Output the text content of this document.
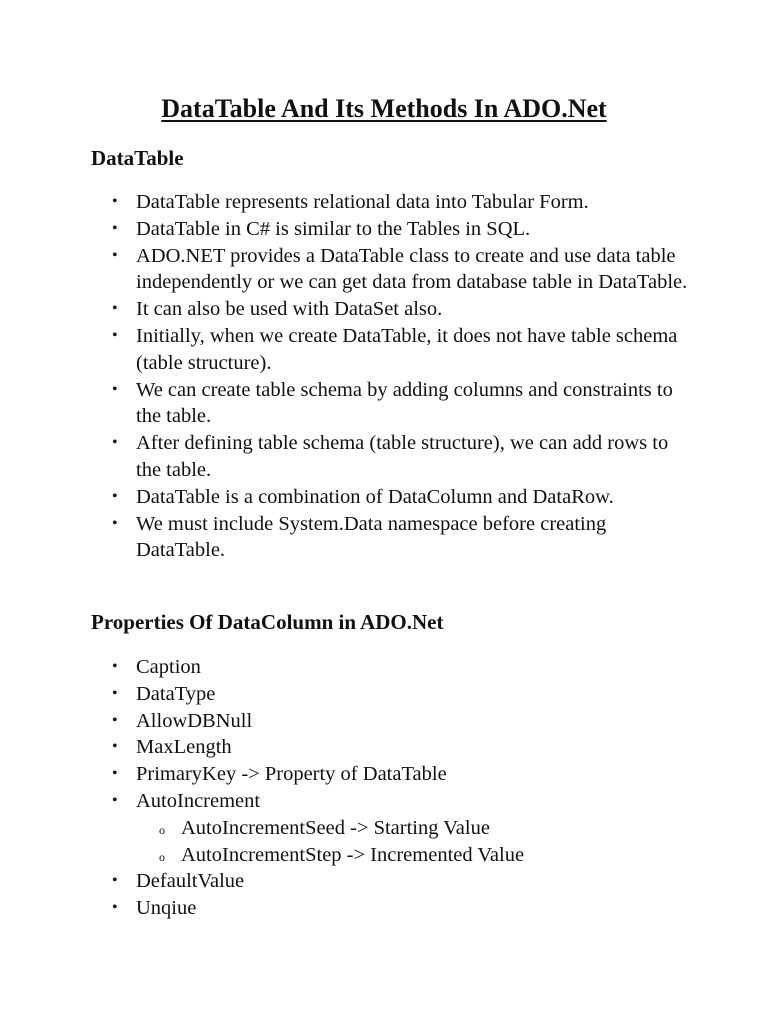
DataTable And Its Methods In ADO.Net
DataTable
• DataTable represents relational data into Tabular Form.
• DataTable in C# is similar to the Tables in SQL.
• ADO.NET provides a DataTable class to create and use data table independently or we can get data from database table in DataTable.
• It can also be used with DataSet also.
• Initially, when we create DataTable, it does not have table schema (table structure).
• We can create table schema by adding columns and constraints to the table.
• After defining table schema (table structure), we can add rows to the table.
• DataTable is a combination of DataColumn and DataRow.
• We must include System.Data namespace before creating DataTable.
Properties Of DataColumn in ADO.Net
• Caption
• DataType
• AllowDBNull
• MaxLength
• PrimaryKey -> Property of DataTable
• AutoIncrement
o AutoIncrementSeed -> Starting Value
o AutoIncrementStep -> Incremented Value
• DefaultValue
• Unqiue
